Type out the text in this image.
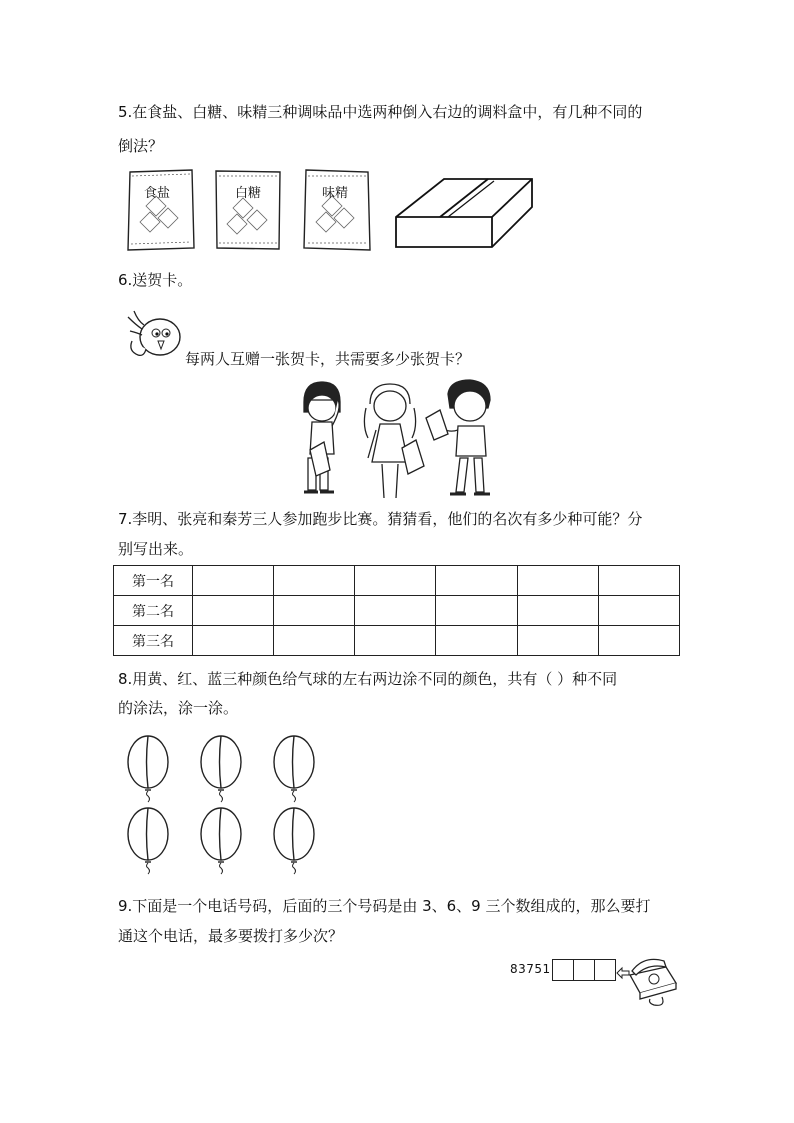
5.在食盐、白糖、味精三种调味品中选两种倒入右边的调料盒中，有几种不同的
倒法？
食盐	白糖	味精
6.送贺卡。
每两人互赠一张贺卡，共需要多少张贺卡？
7.李明、张亮和秦芳三人参加跑步比赛。猜猜看，他们的名次有多少种可能？分
别写出来。
第一名						
第二名						
第三名						
8.用黄、红、蓝三种颜色给气球的左右两边涂不同的颜色，共有（ ）种不同
的涂法，涂一涂。
9.下面是一个电话号码，后面的三个号码是由 3、6、9 三个数组成的，那么要打
通这个电话，最多要拨打多少次？
83751
